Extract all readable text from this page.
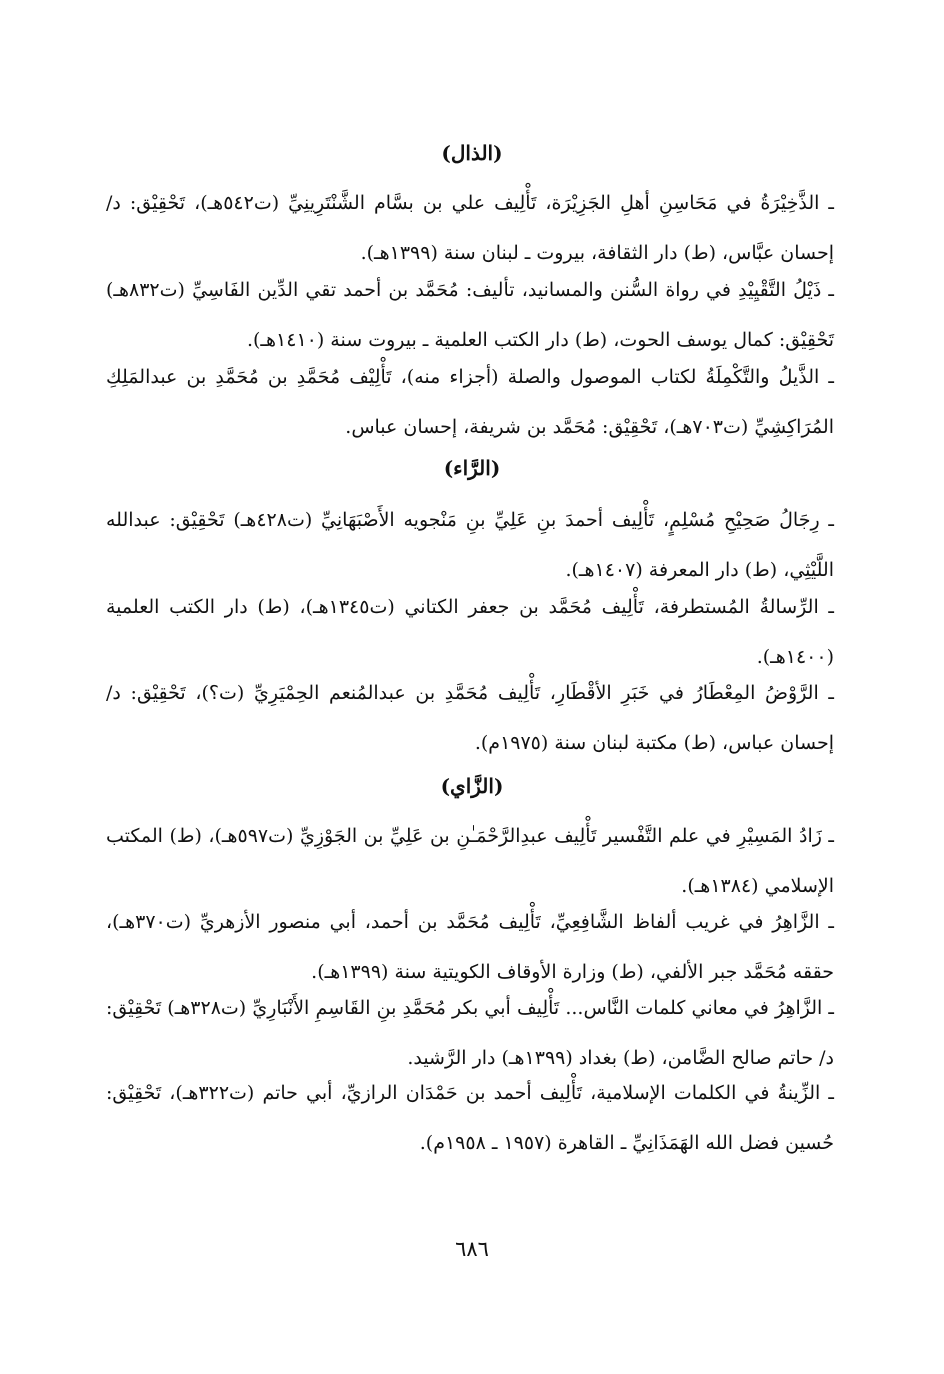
(الذال)
ـ الذَّخِيْرَةُ في مَحَاسِنِ أهلِ الجَزِيْرَة، تَأْلِيف علي بن بسَّام الشَّنْتَرِينِيِّ (ت٥٤٢هـ)، تَحْقِيْق: د/ إحسان عبَّاس، (ط) دار الثقافة، بيروت ـ لبنان سنة (١٣٩٩هـ).
ـ ذَيْلُ التَّقْيِيْدِ في رواة السُّنن والمسانيد، تأليف: مُحَمَّد بن أحمد تقي الدِّين الفَاسِيِّ (ت٨٣٢هـ) تَحْقِيْق: كمال يوسف الحوت، (ط) دار الكتب العلمية ـ بيروت سنة (١٤١٠هـ).
ـ الذَّيلُ والتَّكْمِلَةُ لكتاب الموصول والصلة (أجزاء منه)، تَأْلِيْف مُحَمَّدِ بن مُحَمَّدِ بن عبدالمَلِكِ المُرَاكِشِيِّ (ت٧٠٣هـ)، تَحْقِيْق: مُحَمَّد بن شريفة، إحسان عباس.
(الرَّاء)
ـ رِجَالُ صَحِيْحِ مُسْلِمٍ، تَأْلِيف أحمدَ بنِ عَلِيِّ بنِ مَنْجويه الأَصْبَهَانِيِّ (ت٤٢٨هـ) تَحْقِيْق: عبدالله اللَّيْثِي، (ط) دار المعرفة (١٤٠٧هـ).
ـ الرِّسالةُ المُستطرفة، تَأْلِيف مُحَمَّد بن جعفر الكتاني (ت١٣٤٥هـ)، (ط) دار الكتب العلمية (١٤٠٠هـ).
ـ الرَّوْضُ المِعْطَارُ في خَبَرِ الأقْطَارِ، تَأْلِيف مُحَمَّدِ بن عبدالمُنعم الحِمْيَرِيِّ (ت؟)، تَحْقِيْق: د/ إحسان عباس، (ط) مكتبة لبنان سنة (١٩٧٥م).
(الزَّاي)
ـ زَادُ المَسِيْرِ في علم التَّفْسير تَأْلِيف عبدِالرَّحْمَـٰنِ بن عَلِيِّ بن الجَوْزِيِّ (ت٥٩٧هـ)، (ط) المكتب الإسلامي (١٣٨٤هـ).
ـ الزَّاهِرُ في غريب ألفاظ الشَّافِعِيِّ، تَأْلِيف مُحَمَّد بن أحمد، أبي منصور الأزهريِّ (ت٣٧٠هـ)، حققه مُحَمَّد جبر الألفي، (ط) وزارة الأوقاف الكويتية سنة (١٣٩٩هـ).
ـ الزَّاهِرُ في معاني كلمات النَّاس... تَأْلِيف أبي بكر مُحَمَّدِ بنِ القَاسِمِ الأَنْبَارِيِّ (ت٣٢٨هـ) تَحْقِيْق: د/ حاتم صالح الضَّامن، (ط) بغداد (١٣٩٩هـ) دار الرَّشيد.
ـ الزِّينةُ في الكلمات الإسلامية، تَأْلِيف أحمد بن حَمْدَان الرازيِّ، أبي حاتم (ت٣٢٢هـ)، تَحْقِيْق: حُسين فضل الله الهَمَذَانِيِّ ـ القاهرة (١٩٥٧ ـ ١٩٥٨م).
٦٨٦
